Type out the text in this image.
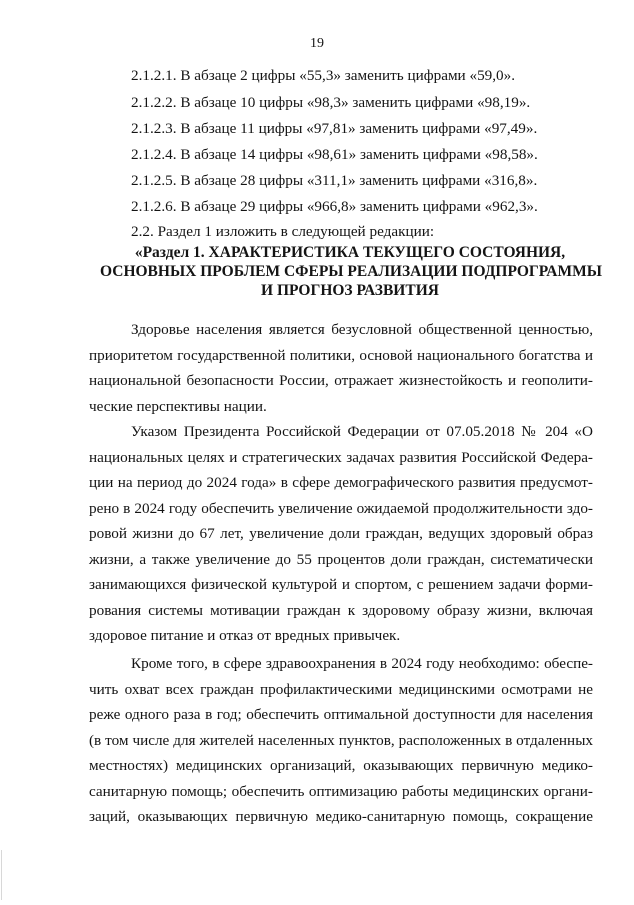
19
2.1.2.1. В абзаце 2 цифры «55,3» заменить цифрами «59,0».
2.1.2.2. В абзаце 10 цифры «98,3» заменить цифрами «98,19».
2.1.2.3. В абзаце 11 цифры «97,81» заменить цифрами «97,49».
2.1.2.4. В абзаце 14 цифры «98,61» заменить цифрами «98,58».
2.1.2.5. В абзаце 28 цифры «311,1» заменить цифрами «316,8».
2.1.2.6. В абзаце 29 цифры «966,8» заменить цифрами «962,3».
2.2. Раздел 1 изложить в следующей редакции:
«Раздел 1. ХАРАКТЕРИСТИКА ТЕКУЩЕГО СОСТОЯНИЯ,
ОСНОВНЫХ ПРОБЛЕМ СФЕРЫ РЕАЛИЗАЦИИ ПОДПРОГРАММЫ
И ПРОГНОЗ РАЗВИТИЯ
Здоровье населения является безусловной общественной ценностью,
приоритетом государственной политики, основой национального богатства и
национальной безопасности России, отражает жизнестойкость и геополити-
ческие перспективы нации.
Указом Президента Российской Федерации от 07.05.2018 № 204 «О
национальных целях и стратегических задачах развития Российской Федера-
ции на период до 2024 года» в сфере демографического развития предусмот-
рено в 2024 году обеспечить увеличение ожидаемой продолжительности здо-
ровой жизни до 67 лет, увеличение доли граждан, ведущих здоровый образ
жизни, а также увеличение до 55 процентов доли граждан, систематически
занимающихся физической культурой и спортом, с решением задачи форми-
рования системы мотивации граждан к здоровому образу жизни, включая
здоровое питание и отказ от вредных привычек.
Кроме того, в сфере здравоохранения в 2024 году необходимо: обеспе-
чить охват всех граждан профилактическими медицинскими осмотрами не
реже одного раза в год; обеспечить оптимальной доступности для населения
(в том числе для жителей населенных пунктов, расположенных в отдаленных
местностях) медицинских организаций, оказывающих первичную медико-
санитарную помощь; обеспечить оптимизацию работы медицинских органи-
заций, оказывающих первичную медико-санитарную помощь, сокращение
